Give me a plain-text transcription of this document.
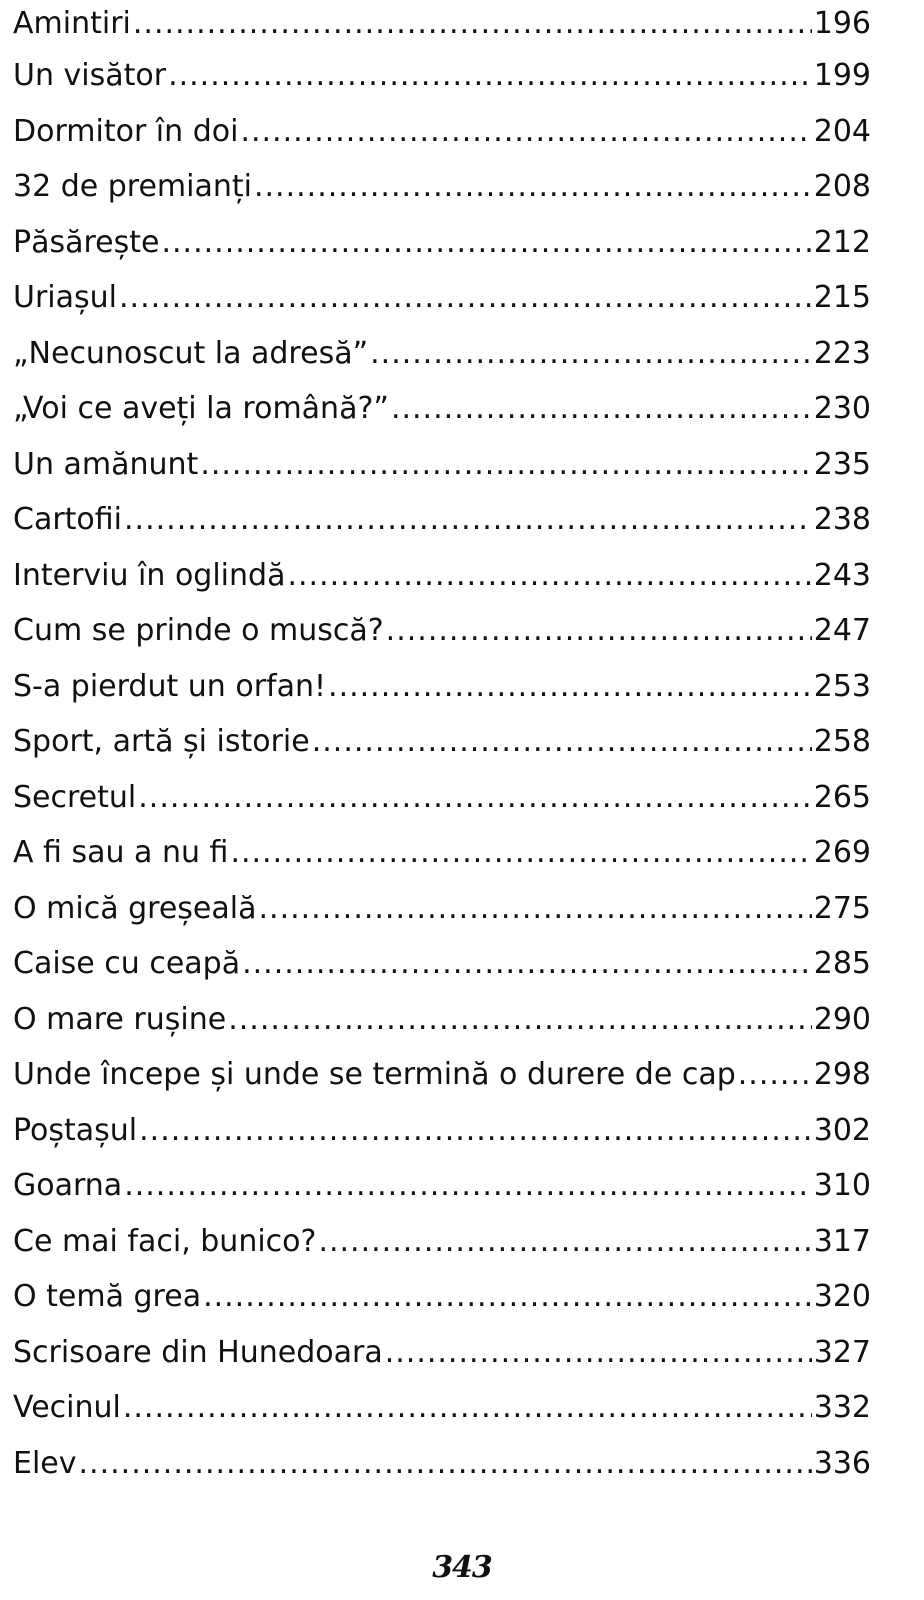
Amintiri .....	196
Un visător .....	199
Dormitor în doi .....	204
32 de premianți .....	208
Păsărește .....	212
Uriașul .....	215
„Necunoscut la adresă” .....	223
„Voi ce aveți la română?” .....	230
Un amănunt .....	235
Cartofii .....	238
Interviu în oglindă .....	243
Cum se prinde o muscă? .....	247
S-a pierdut un orfan! .....	253
Sport, artă și istorie .....	258
Secretul .....	265
A fi sau a nu fi .....	269
O mică greșeală .....	275
Caise cu ceapă .....	285
O mare rușine .....	290
Unde începe și unde se termină o durere de cap .....	298
Poștașul .....	302
Goarna .....	310
Ce mai faci, bunico? .....	317
O temă grea .....	320
Scrisoare din Hunedoara .....	327
Vecinul .....	332
Elev .....	336
343
